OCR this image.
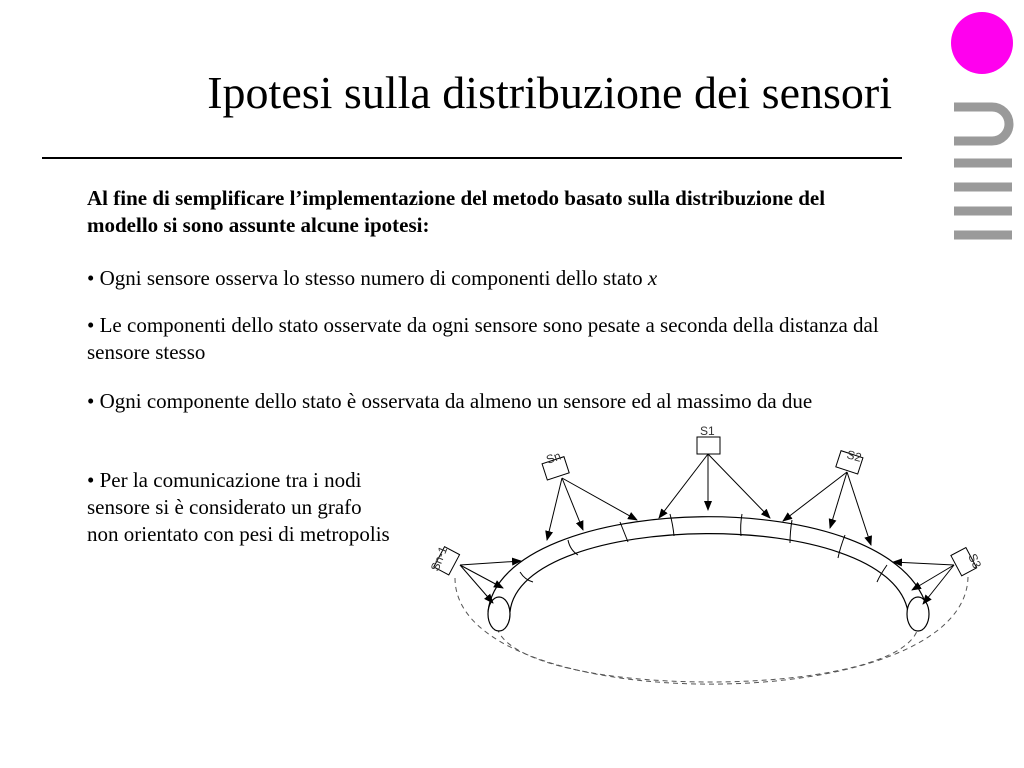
Ipotesi sulla distribuzione dei sensori

Al fine di semplificare l’implementazione del metodo basato sulla distribuzione del modello si sono assunte alcune ipotesi:

• Ogni sensore osserva lo stesso numero di componenti dello stato x

• Le componenti dello stato osservate da ogni sensore sono pesate a seconda della distanza dal sensore stesso

• Ogni componente dello stato è osservata da almeno un sensore ed al massimo da due

• Per la comunicazione tra i nodi sensore si è considerato un grafo non orientato con pesi di metropolis

S1
S2
S3
Sn
Sn-1
